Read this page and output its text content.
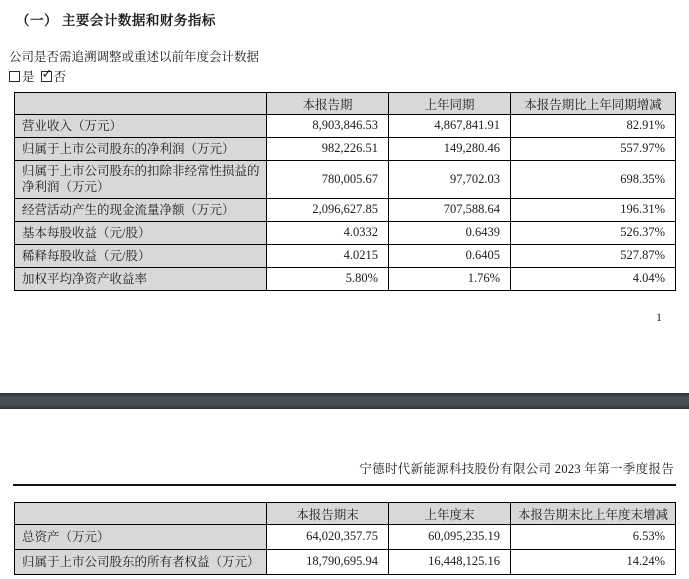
（一） 主要会计数据和财务指标
公司是否需追溯调整或重述以前年度会计数据
是 ✓ 否
	本报告期	上年同期	本报告期比上年同期增减
营业收入（万元）	8,903,846.53	4,867,841.91	82.91%
归属于上市公司股东的净利润（万元）	982,226.51	149,280.46	557.97%
归属于上市公司股东的扣除非经常性损益的净利润（万元）	780,005.67	97,702.03	698.35%
经营活动产生的现金流量净额（万元）	2,096,627.85	707,588.64	196.31%
基本每股收益（元/股）	4.0332	0.6439	526.37%
稀释每股收益（元/股）	4.0215	0.6405	527.87%
加权平均净资产收益率	5.80%	1.76%	4.04%
1
宁德时代新能源科技股份有限公司 2023 年第一季度报告
	本报告期末	上年度末	本报告期末比上年度末增减
总资产（万元）	64,020,357.75	60,095,235.19	6.53%
归属于上市公司股东的所有者权益（万元）	18,790,695.94	16,448,125.16	14.24%
